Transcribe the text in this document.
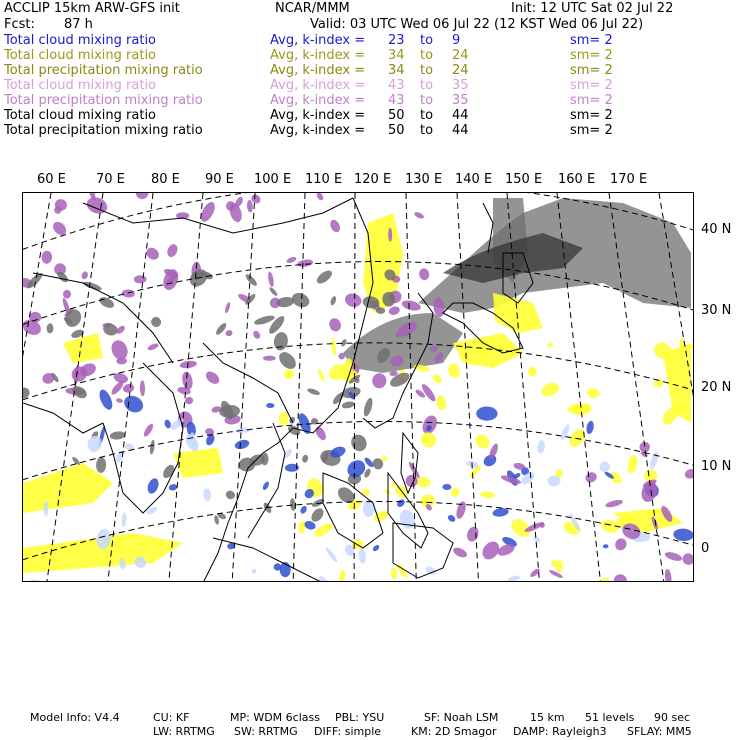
ACCLIP 15km ARW-GFS init	NCAR/MMM	Init: 12 UTC Sat 02 Jul 22
Fcst: 87 h	Valid: 03 UTC Wed 06 Jul 22 (12 KST Wed 06 Jul 22)
Total cloud mixing ratio	Avg, k-index = 23 to 9	sm= 2
Total cloud mixing ratio	Avg, k-index = 34 to 24	sm= 2
Total precipitation mixing ratio	Avg, k-index = 34 to 24	sm= 2
Total cloud mixing ratio	Avg, k-index = 43 to 35	sm= 2
Total precipitation mixing ratio	Avg, k-index = 43 to 35	sm= 2
Total cloud mixing ratio	Avg, k-index = 50 to 44	sm= 2
Total precipitation mixing ratio	Avg, k-index = 50 to 44	sm= 2
60 E 70 E 80 E 90 E 100 E 110 E 120 E 130 E 140 E 150 E 160 E 170 E
40 N
30 N
20 N
10 N
0
Model Info: V4.4	CU: KF	MP: WDM 6class PBL: YSU	SF: Noah LSM	15 km 51 levels 90 sec
LW: RRTMG SW: RRTMG DIFF: simple	KM: 2D Smagor DAMP: Rayleigh3 SFLAY: MM5
